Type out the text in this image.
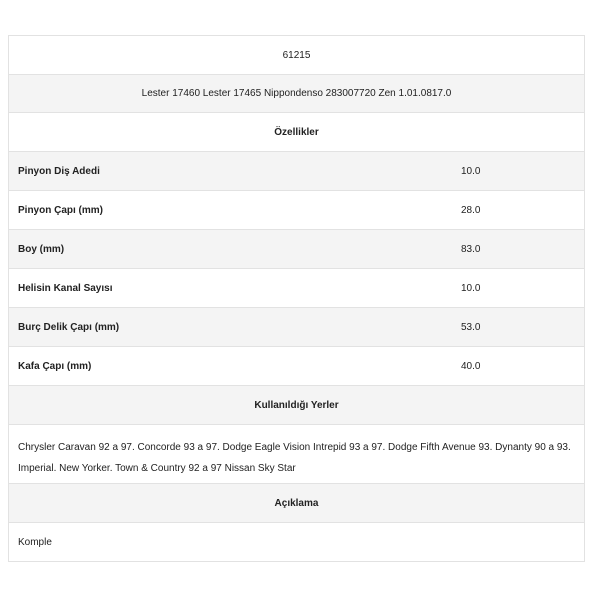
61215
Lester 17460 Lester 17465 Nippondenso 283007720 Zen 1.01.0817.0
Özellikler
Pinyon Diş Adedi	10.0
Pinyon Çapı (mm)	28.0
Boy (mm)	83.0
Helisin Kanal Sayısı	10.0
Burç Delik Çapı (mm)	53.0
Kafa Çapı (mm)	40.0
Kullanıldığı Yerler
Chrysler Caravan 92 a 97. Concorde 93 a 97. Dodge Eagle Vision Intrepid 93 a 97. Dodge Fifth Avenue 93. Dynanty 90 a 93. Imperial. New Yorker. Town & Country 92 a 97 Nissan Sky Star
Açıklama
Komple
